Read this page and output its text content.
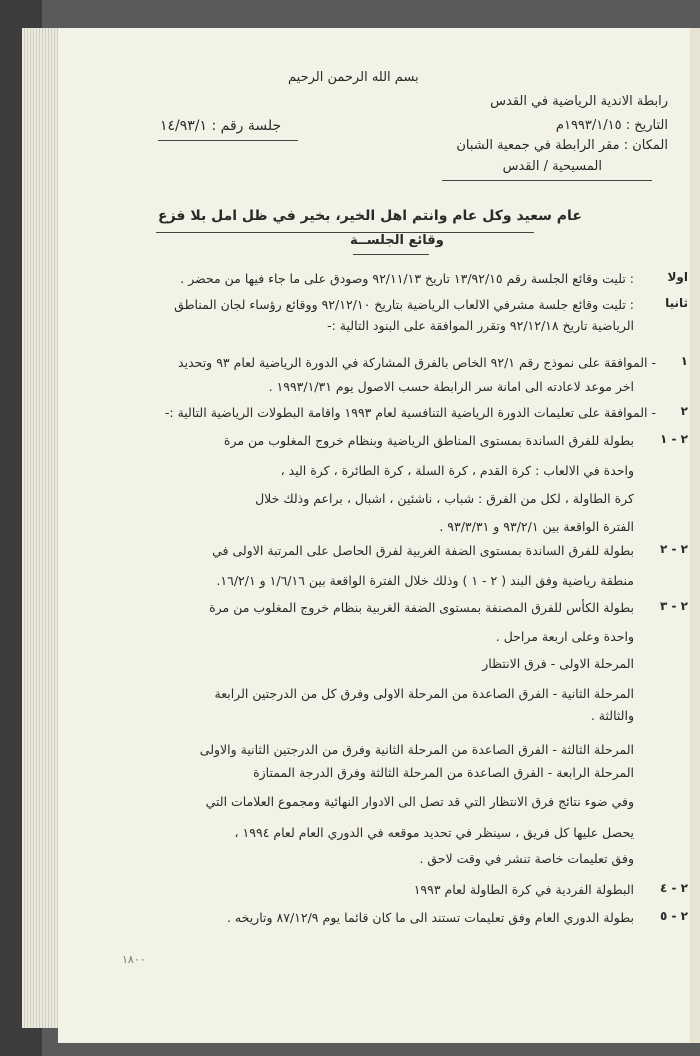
بسم الله الرحمن الرحيم
رابطة الاندية الرياضية في القدس
التاريخ : ١٩٩٣/١/١٥م
المكان : مقر الرابطة في جمعية الشبان
المسيحية / القدس
جلسة رقم : ١٤/٩٣/١
عام سعيد وكل عام وانتم اهل الخير، بخير في ظل امل بلا فزع
وقائع الجلســة
اولا
: تليت وقائع الجلسة رقم ١٣/٩٢/١٥ تاريخ ٩٢/١١/١٣ وصودق على ما جاء فيها من محضر .
ثانيا
: تليت وقائع جلسة مشرفي الالعاب الرياضية بتاريخ ٩٢/١٢/١٠ ووقائع رؤساء لجان المناطق
الرياضية تاريخ ٩٢/١٢/١٨ وتقرر الموافقة على البنود التالية :-
١
- الموافقة على نموذج رقم ٩٢/١ الخاص بالفرق المشاركة في الدورة الرياضية لعام ٩٣ وتحديد
اخر موعد لاعادته الى امانة سر الرابطة حسب الاصول يوم ١٩٩٣/١/٣١ .
٢
- الموافقة على تعليمات الدورة الرياضية التنافسية لعام ١٩٩٣ واقامة البطولات الرياضية التالية :-
٢ - ١
بطولة للفرق الساندة بمستوى المناطق الرياضية وبنظام خروج المغلوب من مرة
واحدة في الالعاب : كرة القدم ، كرة السلة ، كرة الطائرة ، كرة اليد ،
كرة الطاولة ، لكل من الفرق : شباب ، ناشئين ، اشبال ، براعم وذلك خلال
الفترة الواقعة بين ٩٣/٢/١ و ٩٣/٣/٣١ .
٢ - ٢
بطولة للفرق الساندة بمستوى الضفة الغربية لفرق الحاصل على المرتبة الاولى في
منطقة رياضية وفق البند ( ٢ - ١ ) وذلك خلال الفترة الواقعة بين ١/٦/١٦ و ١٦/٢/١.
٢ - ٣
بطولة الكأس للفرق المصنفة بمستوى الضفة الغربية بنظام خروج المغلوب من مرة
واحدة وعلى اربعة مراحل .
المرحلة الاولى - فرق الانتظار
المرحلة الثانية - الفرق الصاعدة من المرحلة الاولى وفرق كل من الدرجتين الرابعة
والثالثة .
المرحلة الثالثة - الفرق الصاعدة من المرحلة الثانية وفرق من الدرجتين الثانية والاولى
المرحلة الرابعة - الفرق الصاعدة من المرحلة الثالثة وفرق الدرجة الممتازة
وفي ضوء نتائج فرق الانتظار التي قد تصل الى الادوار النهائية ومجموع العلامات التي
يحصل عليها كل فريق ، سينظر في تحديد موقعه في الدوري العام لعام ١٩٩٤ ،
وفق تعليمات خاصة تنشر في وقت لاحق .
٢ - ٤
البطولة الفردية في كرة الطاولة لعام ١٩٩٣
٢ - ٥
بطولة الدوري العام وفق تعليمات تستند الى ما كان قائما يوم ٨٧/١٢/٩ وتاريخه .
١٨٠٠
